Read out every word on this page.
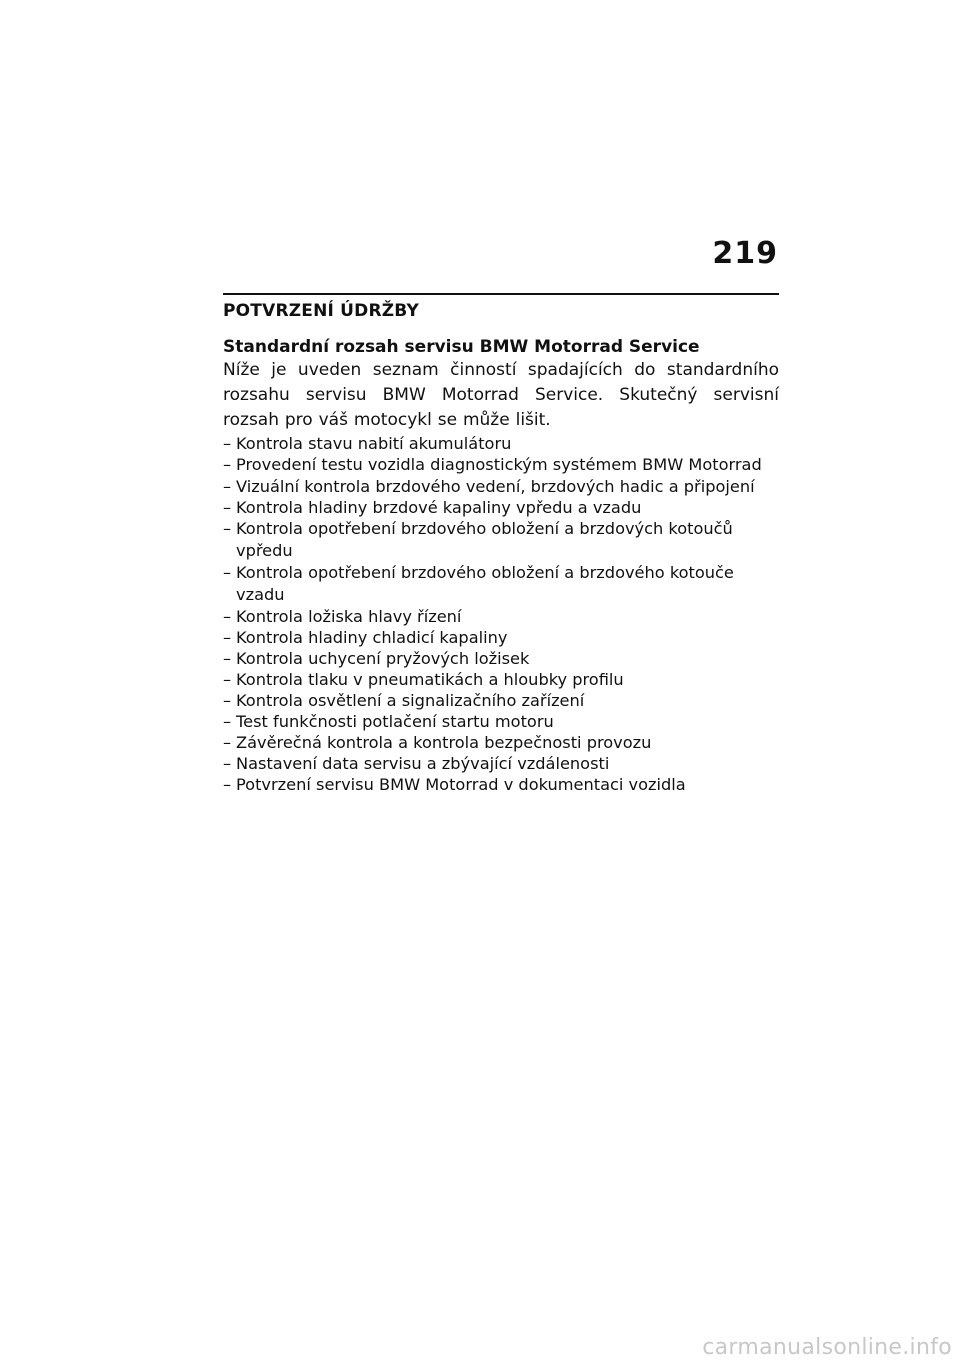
219
POTVRZENÍ ÚDRŽBY
Standardní rozsah servisu BMW Motorrad Service

Níže je uveden seznam činností spadajících do standardního rozsahu servisu BMW Motorrad Service. Skutečný servisní rozsah pro váš motocykl se může lišit.

– Kontrola stavu nabití akumulátoru
– Provedení testu vozidla diagnostickým systémem BMW Motorrad
– Vizuální kontrola brzdového vedení, brzdových hadic a připojení
– Kontrola hladiny brzdové kapaliny vpředu a vzadu
– Kontrola opotřebení brzdového obložení a brzdových kotoučů vpředu
– Kontrola opotřebení brzdového obložení a brzdového kotouče vzadu
– Kontrola ložiska hlavy řízení
– Kontrola hladiny chladicí kapaliny
– Kontrola uchycení pryžových ložisek
– Kontrola tlaku v pneumatikách a hloubky profilu
– Kontrola osvětlení a signalizačního zařízení
– Test funkčnosti potlačení startu motoru
– Závěrečná kontrola a kontrola bezpečnosti provozu
– Nastavení data servisu a zbývající vzdálenosti
– Potvrzení servisu BMW Motorrad v dokumentaci vozidla
carmanualsonline.info
